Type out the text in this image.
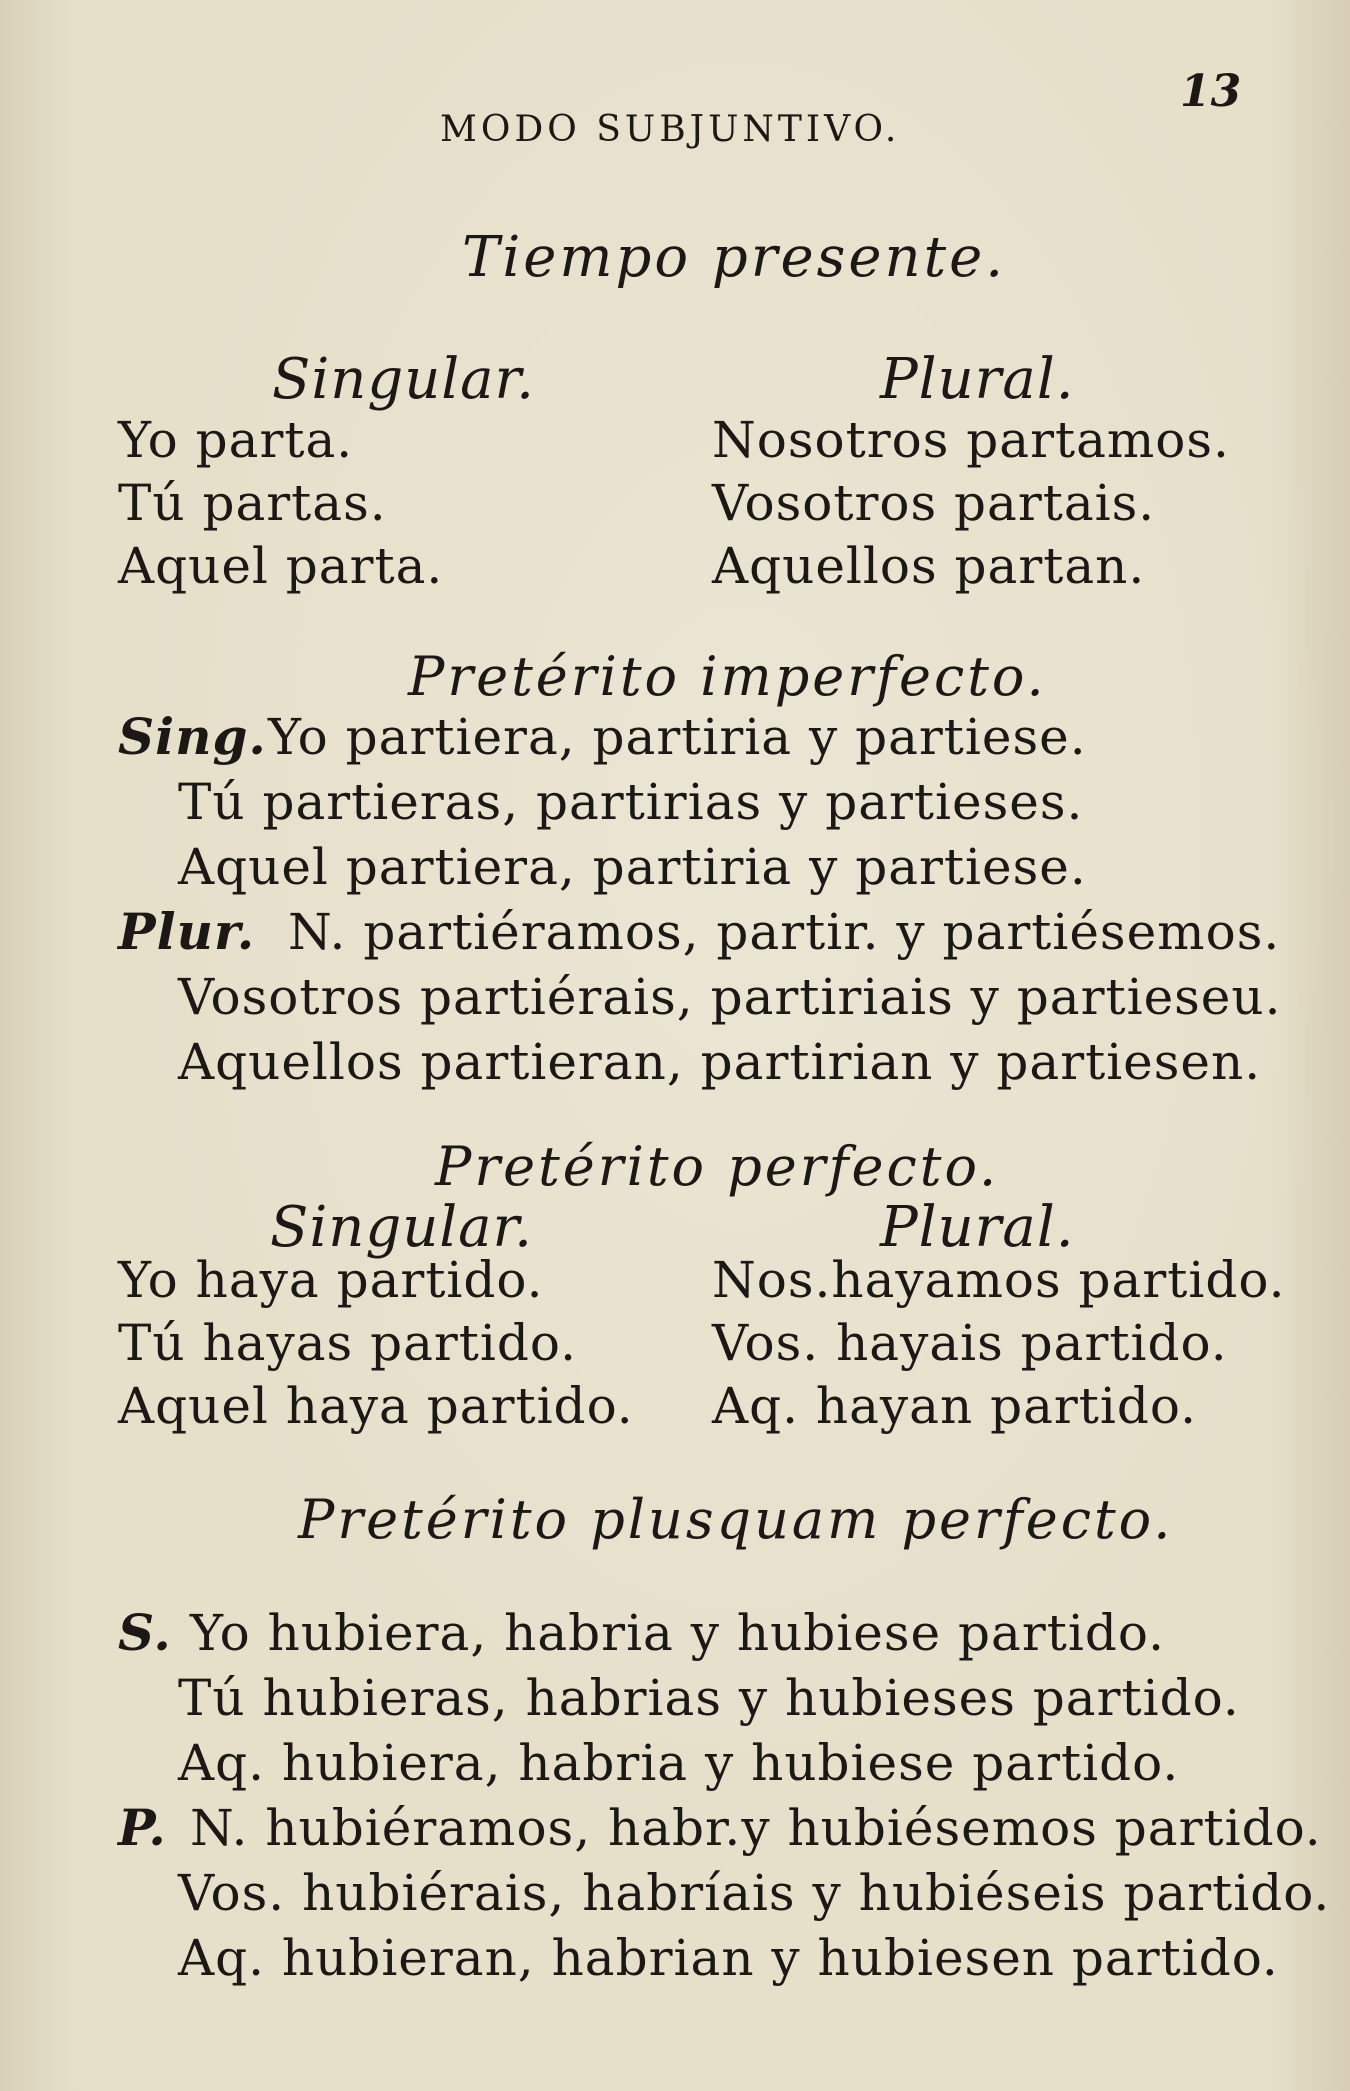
13
MODO SUBJUNTIVO.
Tiempo presente.
Singular.	Plural.
Yo parta.
Tú partas.
Aquel parta.
Nosotros partamos.
Vosotros partais.
Aquellos partan.
Pretérito imperfecto.
Sing. Yo partiera, partiria y partiese.
Tú partieras, partirias y partieses.
Aquel partiera, partiria y partiese.
Plur. N. partiéramos, partir. y partiésemos.
Vosotros partiérais, partiriais y partieseu.
Aquellos partieran, partirian y partiesen.
Pretérito perfecto.
Singular.	Plural.
Yo haya partido.
Tú hayas partido.
Aquel haya partido.
Nos.hayamos partido.
Vos. hayais partido.
Aq. hayan partido.
Pretérito plusquam perfecto.
S. Yo hubiera, habria y hubiese partido.
Tú hubieras, habrias y hubieses partido.
Aq. hubiera, habria y hubiese partido.
P. N. hubiéramos, habr.y hubiésemos partido.
Vos. hubiérais, habríais y hubiéseis partido.
Aq. hubieran, habrian y hubiesen partido.
